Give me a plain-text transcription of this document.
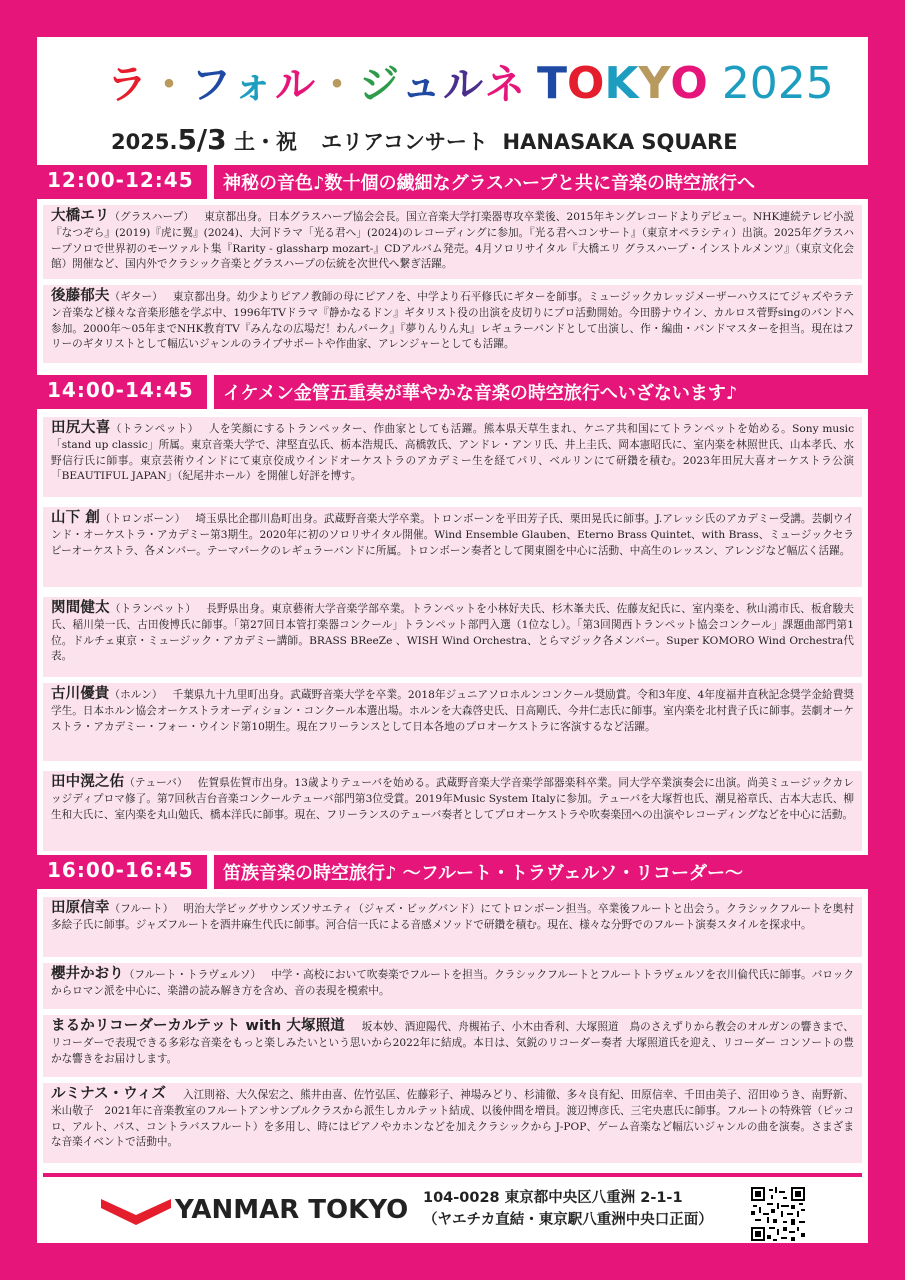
ラ・フォル・ジュルネ TOKYO 2025
2025.5/3 土・祝 エリアコンサート HANASAKA SQUARE
12:00-12:45 神秘の音色♪数十個の繊細なグラスハープと共に音楽の時空旅行へ
大橋エリ（グラスハープ） 東京都出身。日本グラスハープ協会会長。国立音楽大学打楽器専攻卒業後、2015年キングレコードよりデビュー。NHK連続テレビ小説『なつぞら』(2019)『虎に翼』(2024)、大河ドラマ「光る君へ」(2024)のレコーディングに参加。『光る君へコンサート』（東京オペラシティ）出演。2025年グラスハープソロで世界初のモーツァルト集『Rarity - glassharp mozart-』CDアルバム発売。4月ソロリサイタル『大橋エリ グラスハープ・インストルメンツ』（東京文化会館）開催など、国内外でクラシック音楽とグラスハープの伝統を次世代へ繋ぎ活躍。
後藤郁夫（ギター） 東京都出身。幼少よりピアノ教師の母にピアノを、中学より石平修氏にギターを師事。ミュージックカレッジメーザーハウスにてジャズやラテン音楽など様々な音楽形態を学ぶ中、1996年TVドラマ『静かなるドン』ギタリスト役の出演を皮切りにプロ活動開始。今田勝ナウイン、カルロス菅野singのバンドへ参加。2000年～05年までNHK教育TV『みんなの広場だ！わんパーク』『夢りんりん丸』レギュラーバンドとして出演し、作・編曲・バンドマスターを担当。現在はフリーのギタリストとして幅広いジャンルのライブサポートや作曲家、アレンジャーとしても活躍。
14:00-14:45 イケメン金管五重奏が華やかな音楽の時空旅行へいざないます♪
田尻大喜（トランペット） 人を笑顔にするトランペッター、作曲家としても活躍。熊本県天草生まれ、ケニア共和国にてトランペットを始める。Sony music「stand up classic」所属。東京音楽大学で、津堅直弘氏、栃本浩規氏、高橋敦氏、アンドレ・アンリ氏、井上圭氏、岡本憲昭氏に、室内楽を林照世氏、山本孝氏、水野信行氏に師事。東京芸術ウインドにて東京佼成ウインドオーケストラのアカデミー生を経てパリ、ベルリンにて研鑽を積む。2023年田尻大喜オーケストラ公演「BEAUTIFUL JAPAN」（紀尾井ホール）を開催し好評を博す。
山下 創（トロンボーン） 埼玉県比企郡川島町出身。武蔵野音楽大学卒業。トロンボーンを平田芳子氏、栗田晃氏に師事。J.アレッシ氏のアカデミー受講。芸劇ウインド・オーケストラ・アカデミー第3期生。2020年に初のソロリサイタル開催。Wind Ensemble Glauben、Eterno Brass Quintet、with Brass、ミュージックセラピーオーケストラ、各メンバー。テーマパークのレギュラーバンドに所属。トロンボーン奏者として関東圏を中心に活動、中高生のレッスン、アレンジなど幅広く活躍。
関間健太（トランペット） 長野県出身。東京藝術大学音楽学部卒業。トランペットを小林好夫氏、杉木峯夫氏、佐藤友紀氏に、室内楽を、秋山鴻市氏、板倉駿夫氏、稲川榮一氏、古田俊博氏に師事。「第27回日本管打楽器コンクール」トランペット部門入選（1位なし）。「第3回関西トランペット協会コンクール」課題曲部門第1位。ドルチェ東京・ミュージック・アカデミー講師。BRASS BReeZe 、WISH Wind Orchestra、とらマジック各メンバー。Super KOMORO Wind Orchestra代表。
古川優貴（ホルン） 千葉県九十九里町出身。武蔵野音楽大学を卒業。2018年ジュニアソロホルンコンクール奨励賞。令和3年度、4年度福井直秋記念奨学金給費奨学生。日本ホルン協会オーケストラオーディション・コンクール本選出場。ホルンを大森啓史氏、日高剛氏、今井仁志氏に師事。室内楽を北村貴子氏に師事。芸劇オーケストラ・アカデミー・フォー・ウインド第10期生。現在フリーランスとして日本各地のプロオーケストラに客演するなど活躍。
田中滉之佑（テューバ） 佐賀県佐賀市出身。13歳よりテューバを始める。武蔵野音楽大学音楽学部器楽科卒業。同大学卒業演奏会に出演。尚美ミュージックカレッジディプロマ修了。第7回秋吉台音楽コンクールテューバ部門第3位受賞。2019年Music System Italyに参加。テューバを大塚哲也氏、潮見裕章氏、古本大志氏、柳生和大氏に、室内楽を丸山勉氏、橋本洋氏に師事。現在、フリーランスのテューバ奏者としてプロオーケストラや吹奏楽団への出演やレコーディングなどを中心に活動。
16:00-16:45 笛族音楽の時空旅行♪ 〜フルート・トラヴェルソ・リコーダー〜
田原信幸（フルート） 明治大学ビッグサウンズソサエティ（ジャズ・ビッグバンド）にてトロンボーン担当。卒業後フルートと出会う。クラシックフルートを奥村多絵子氏に師事。ジャズフルートを酒井麻生代氏に師事。河合信一氏による音感メソッドで研鑽を積む。現在、様々な分野でのフルート演奏スタイルを探求中。
櫻井かおり（フルート・トラヴェルソ） 中学・高校において吹奏楽でフルートを担当。クラシックフルートとフルートトラヴェルソを衣川倫代氏に師事。バロックからロマン派を中心に、楽譜の読み解き方を含め、音の表現を模索中。
まるかリコーダーカルテット with 大塚照道 坂本妙、酒迎陽代、舟槻祐子、小木由香利、大塚照道　鳥のさえずりから教会のオルガンの響きまで、リコーダーで表現できる多彩な音楽をもっと楽しみたいという思いから2022年に結成。本日は、気鋭のリコーダー奏者 大塚照道氏を迎え、リコーダー コンソートの豊かな響きをお届けします。
ルミナス・ウィズ 入江則裕、大久保宏之、熊井由喜、佐竹弘匡、佐藤彩子、神場みどり、杉浦徹、多々良有紀、田原信幸、千田由美子、沼田ゆうき、南野新、米山敬子　2021年に音楽教室のフルートアンサンブルクラスから派生しカルテット結成、以後仲間を増員。渡辺博彦氏、三宅央恵氏に師事。フルートの特殊管（ピッコロ、アルト、バス、コントラバスフルート）を多用し、時にはピアノやカホンなどを加えクラシックから J-POP、ゲーム音楽など幅広いジャンルの曲を演奏。さまざまな音楽イベントで活動中。
YANMAR TOKYO 104-0028 東京都中央区八重洲 2-1-1
（ヤエチカ直結・東京駅八重洲中央口正面）
